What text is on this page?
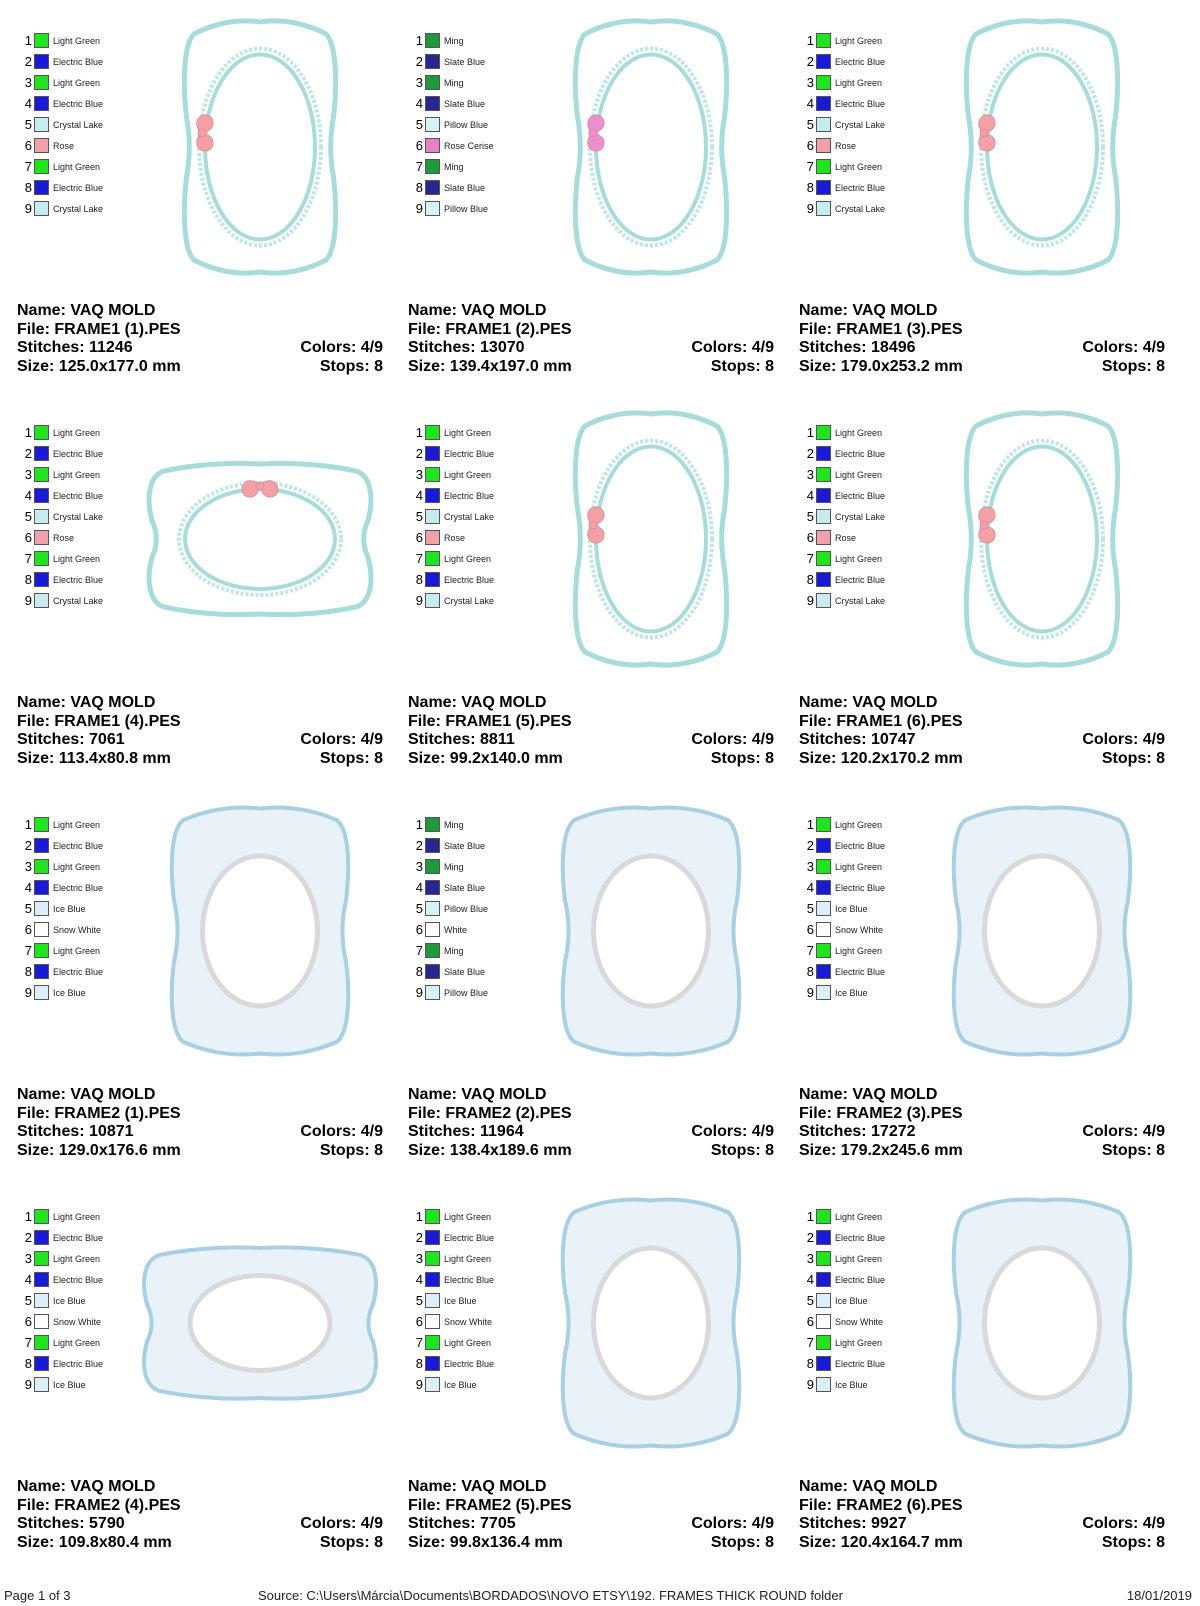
1 Light Green
2 Electric Blue
3 Light Green
4 Electric Blue
5 Crystal Lake
6 Rose
7 Light Green
8 Electric Blue
9 Crystal Lake
Name: VAQ MOLD
File: FRAME1 (1).PES
Stitches: 11246	Colors: 4/9
Size: 125.0x177.0 mm	Stops: 8
1 Ming
2 Slate Blue
3 Ming
4 Slate Blue
5 Pillow Blue
6 Rose Cerise
7 Ming
8 Slate Blue
9 Pillow Blue
Name: VAQ MOLD
File: FRAME1 (2).PES
Stitches: 13070	Colors: 4/9
Size: 139.4x197.0 mm	Stops: 8
1 Light Green
2 Electric Blue
3 Light Green
4 Electric Blue
5 Crystal Lake
6 Rose
7 Light Green
8 Electric Blue
9 Crystal Lake
Name: VAQ MOLD
File: FRAME1 (3).PES
Stitches: 18496	Colors: 4/9
Size: 179.0x253.2 mm	Stops: 8
1 Light Green
2 Electric Blue
3 Light Green
4 Electric Blue
5 Crystal Lake
6 Rose
7 Light Green
8 Electric Blue
9 Crystal Lake
Name: VAQ MOLD
File: FRAME1 (4).PES
Stitches: 7061	Colors: 4/9
Size: 113.4x80.8 mm	Stops: 8
1 Light Green
2 Electric Blue
3 Light Green
4 Electric Blue
5 Crystal Lake
6 Rose
7 Light Green
8 Electric Blue
9 Crystal Lake
Name: VAQ MOLD
File: FRAME1 (5).PES
Stitches: 8811	Colors: 4/9
Size: 99.2x140.0 mm	Stops: 8
1 Light Green
2 Electric Blue
3 Light Green
4 Electric Blue
5 Crystal Lake
6 Rose
7 Light Green
8 Electric Blue
9 Crystal Lake
Name: VAQ MOLD
File: FRAME1 (6).PES
Stitches: 10747	Colors: 4/9
Size: 120.2x170.2 mm	Stops: 8
1 Light Green
2 Electric Blue
3 Light Green
4 Electric Blue
5 Ice Blue
6 Snow White
7 Light Green
8 Electric Blue
9 Ice Blue
Name: VAQ MOLD
File: FRAME2 (1).PES
Stitches: 10871	Colors: 4/9
Size: 129.0x176.6 mm	Stops: 8
1 Ming
2 Slate Blue
3 Ming
4 Slate Blue
5 Pillow Blue
6 White
7 Ming
8 Slate Blue
9 Pillow Blue
Name: VAQ MOLD
File: FRAME2 (2).PES
Stitches: 11964	Colors: 4/9
Size: 138.4x189.6 mm	Stops: 8
1 Light Green
2 Electric Blue
3 Light Green
4 Electric Blue
5 Ice Blue
6 Snow White
7 Light Green
8 Electric Blue
9 Ice Blue
Name: VAQ MOLD
File: FRAME2 (3).PES
Stitches: 17272	Colors: 4/9
Size: 179.2x245.6 mm	Stops: 8
1 Light Green
2 Electric Blue
3 Light Green
4 Electric Blue
5 Ice Blue
6 Snow White
7 Light Green
8 Electric Blue
9 Ice Blue
Name: VAQ MOLD
File: FRAME2 (4).PES
Stitches: 5790	Colors: 4/9
Size: 109.8x80.4 mm	Stops: 8
1 Light Green
2 Electric Blue
3 Light Green
4 Electric Blue
5 Ice Blue
6 Snow White
7 Light Green
8 Electric Blue
9 Ice Blue
Name: VAQ MOLD
File: FRAME2 (5).PES
Stitches: 7705	Colors: 4/9
Size: 99.8x136.4 mm	Stops: 8
1 Light Green
2 Electric Blue
3 Light Green
4 Electric Blue
5 Ice Blue
6 Snow White
7 Light Green
8 Electric Blue
9 Ice Blue
Name: VAQ MOLD
File: FRAME2 (6).PES
Stitches: 9927	Colors: 4/9
Size: 120.4x164.7 mm	Stops: 8
Page 1 of 3	Source: C:\Users\Márcia\Documents\BORDADOS\NOVO ETSY\192. FRAMES THICK ROUND folder	18/01/2019
